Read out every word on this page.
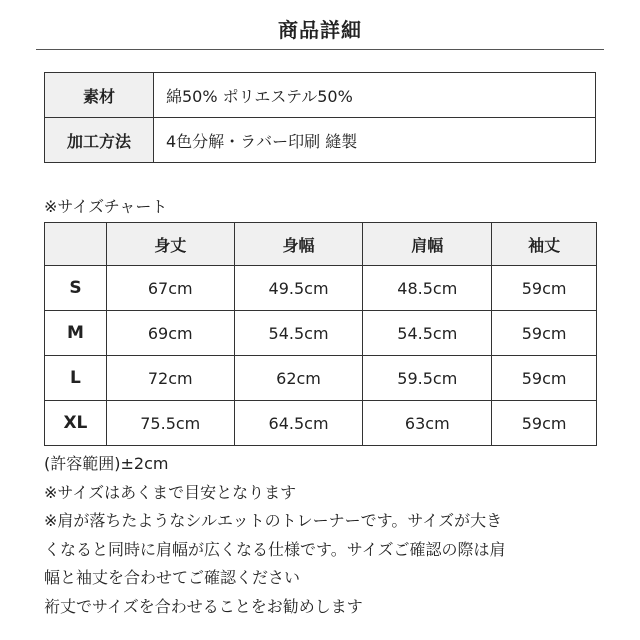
商品詳細
素材	綿50% ポリエステル50%
加工方法	4色分解・ラバー印刷 縫製
※サイズチャート
	身丈	身幅	肩幅	袖丈
S	67cm	49.5cm	48.5cm	59cm
M	69cm	54.5cm	54.5cm	59cm
L	72cm	62cm	59.5cm	59cm
XL	75.5cm	64.5cm	63cm	59cm

(許容範囲)±2cm

※サイズはあくまで目安となります

※肩が落ちたようなシルエットのトレーナーです。サイズが大き

くなると同時に肩幅が広くなる仕様です。サイズご確認の際は肩

幅と袖丈を合わせてご確認ください

裄丈でサイズを合わせることをお勧めします
